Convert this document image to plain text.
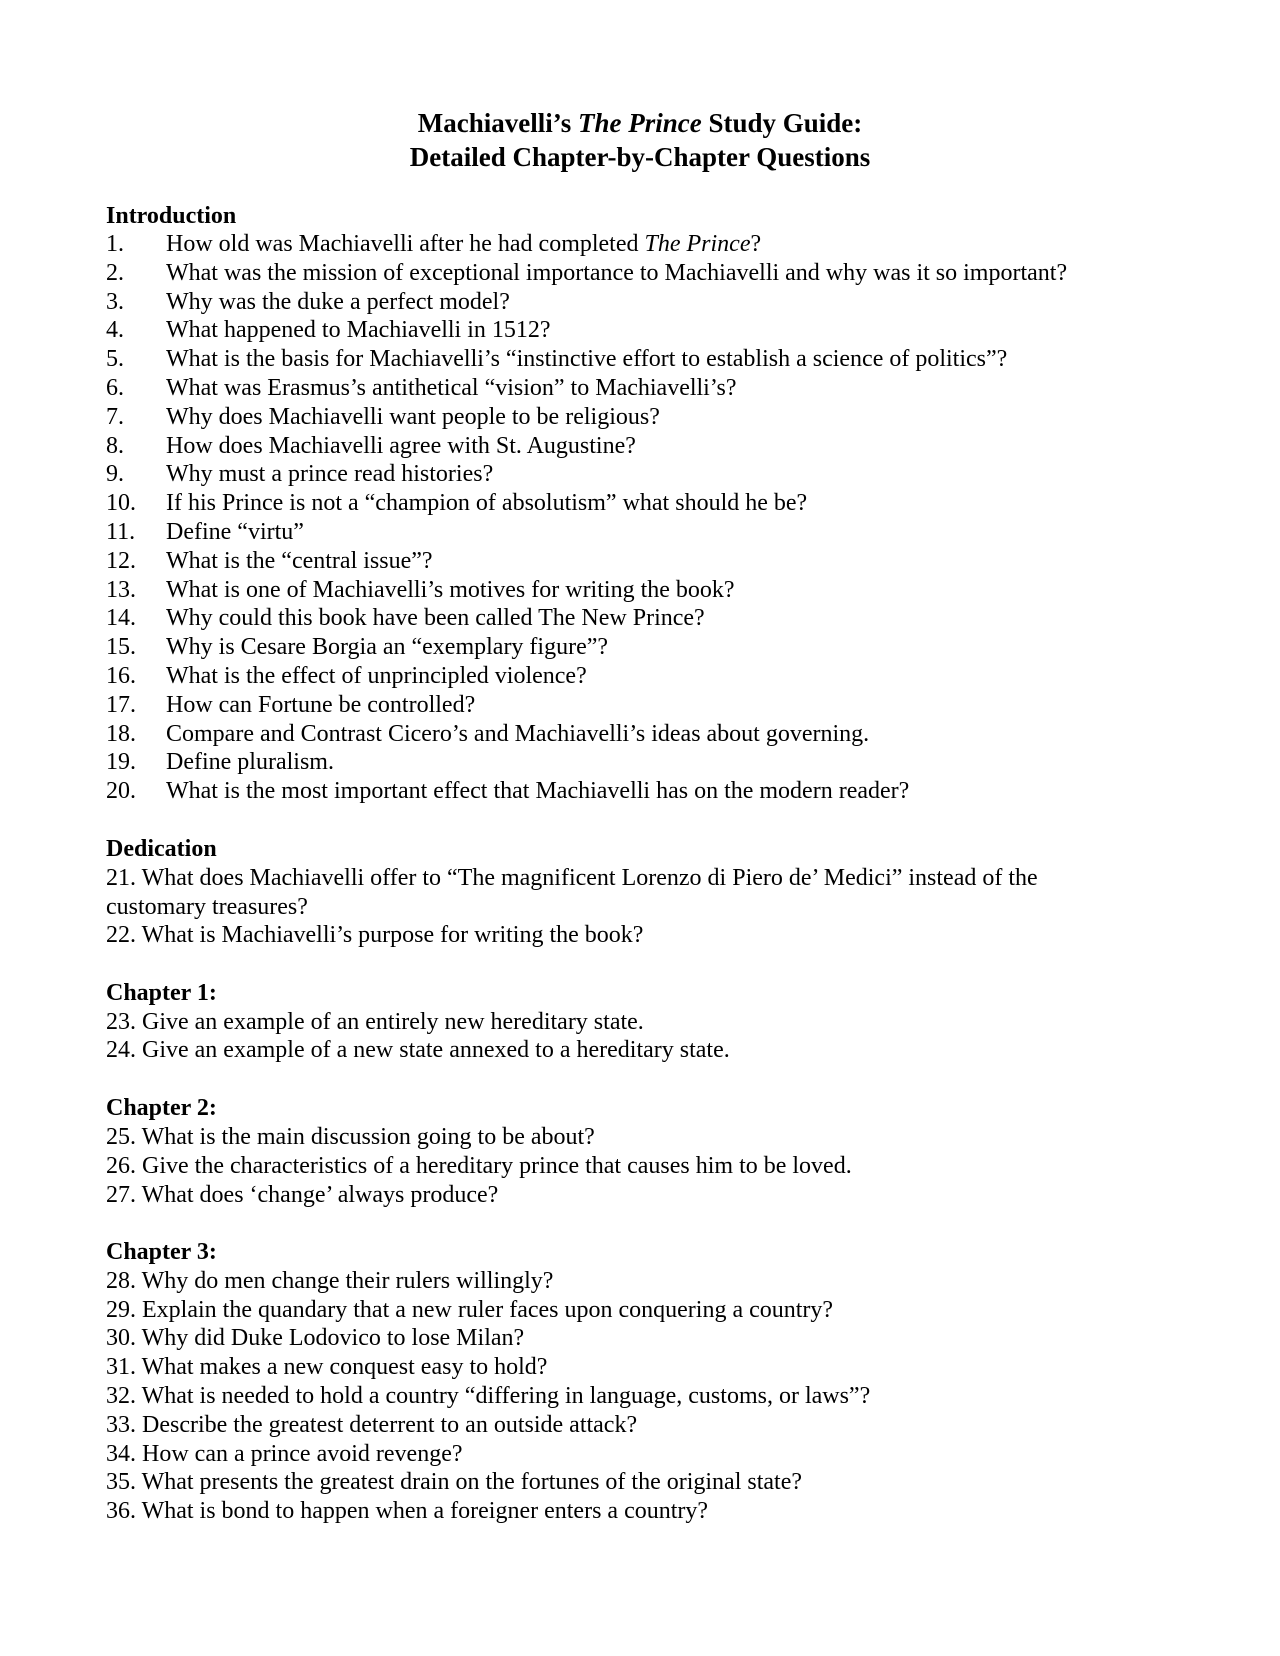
Machiavelli’s The Prince Study Guide:
Detailed Chapter-by-Chapter Questions
Introduction
1. How old was Machiavelli after he had completed The Prince?
2. What was the mission of exceptional importance to Machiavelli and why was it so important?
3. Why was the duke a perfect model?
4. What happened to Machiavelli in 1512?
5. What is the basis for Machiavelli’s “instinctive effort to establish a science of politics”?
6. What was Erasmus’s antithetical “vision” to Machiavelli’s?
7. Why does Machiavelli want people to be religious?
8. How does Machiavelli agree with St. Augustine?
9. Why must a prince read histories?
10. If his Prince is not a “champion of absolutism” what should he be?
11. Define “virtu”
12. What is the “central issue”?
13. What is one of Machiavelli’s motives for writing the book?
14. Why could this book have been called The New Prince?
15. Why is Cesare Borgia an “exemplary figure”?
16. What is the effect of unprincipled violence?
17. How can Fortune be controlled?
18. Compare and Contrast Cicero’s and Machiavelli’s ideas about governing.
19. Define pluralism.
20. What is the most important effect that Machiavelli has on the modern reader?
Dedication
21. What does Machiavelli offer to “The magnificent Lorenzo di Piero de’ Medici” instead of the
customary treasures?
22. What is Machiavelli’s purpose for writing the book?
Chapter 1:
23. Give an example of an entirely new hereditary state.
24. Give an example of a new state annexed to a hereditary state.
Chapter 2:
25. What is the main discussion going to be about?
26. Give the characteristics of a hereditary prince that causes him to be loved.
27. What does ‘change’ always produce?
Chapter 3:
28. Why do men change their rulers willingly?
29. Explain the quandary that a new ruler faces upon conquering a country?
30. Why did Duke Lodovico to lose Milan?
31. What makes a new conquest easy to hold?
32. What is needed to hold a country “differing in language, customs, or laws”?
33. Describe the greatest deterrent to an outside attack?
34. How can a prince avoid revenge?
35. What presents the greatest drain on the fortunes of the original state?
36. What is bond to happen when a foreigner enters a country?
